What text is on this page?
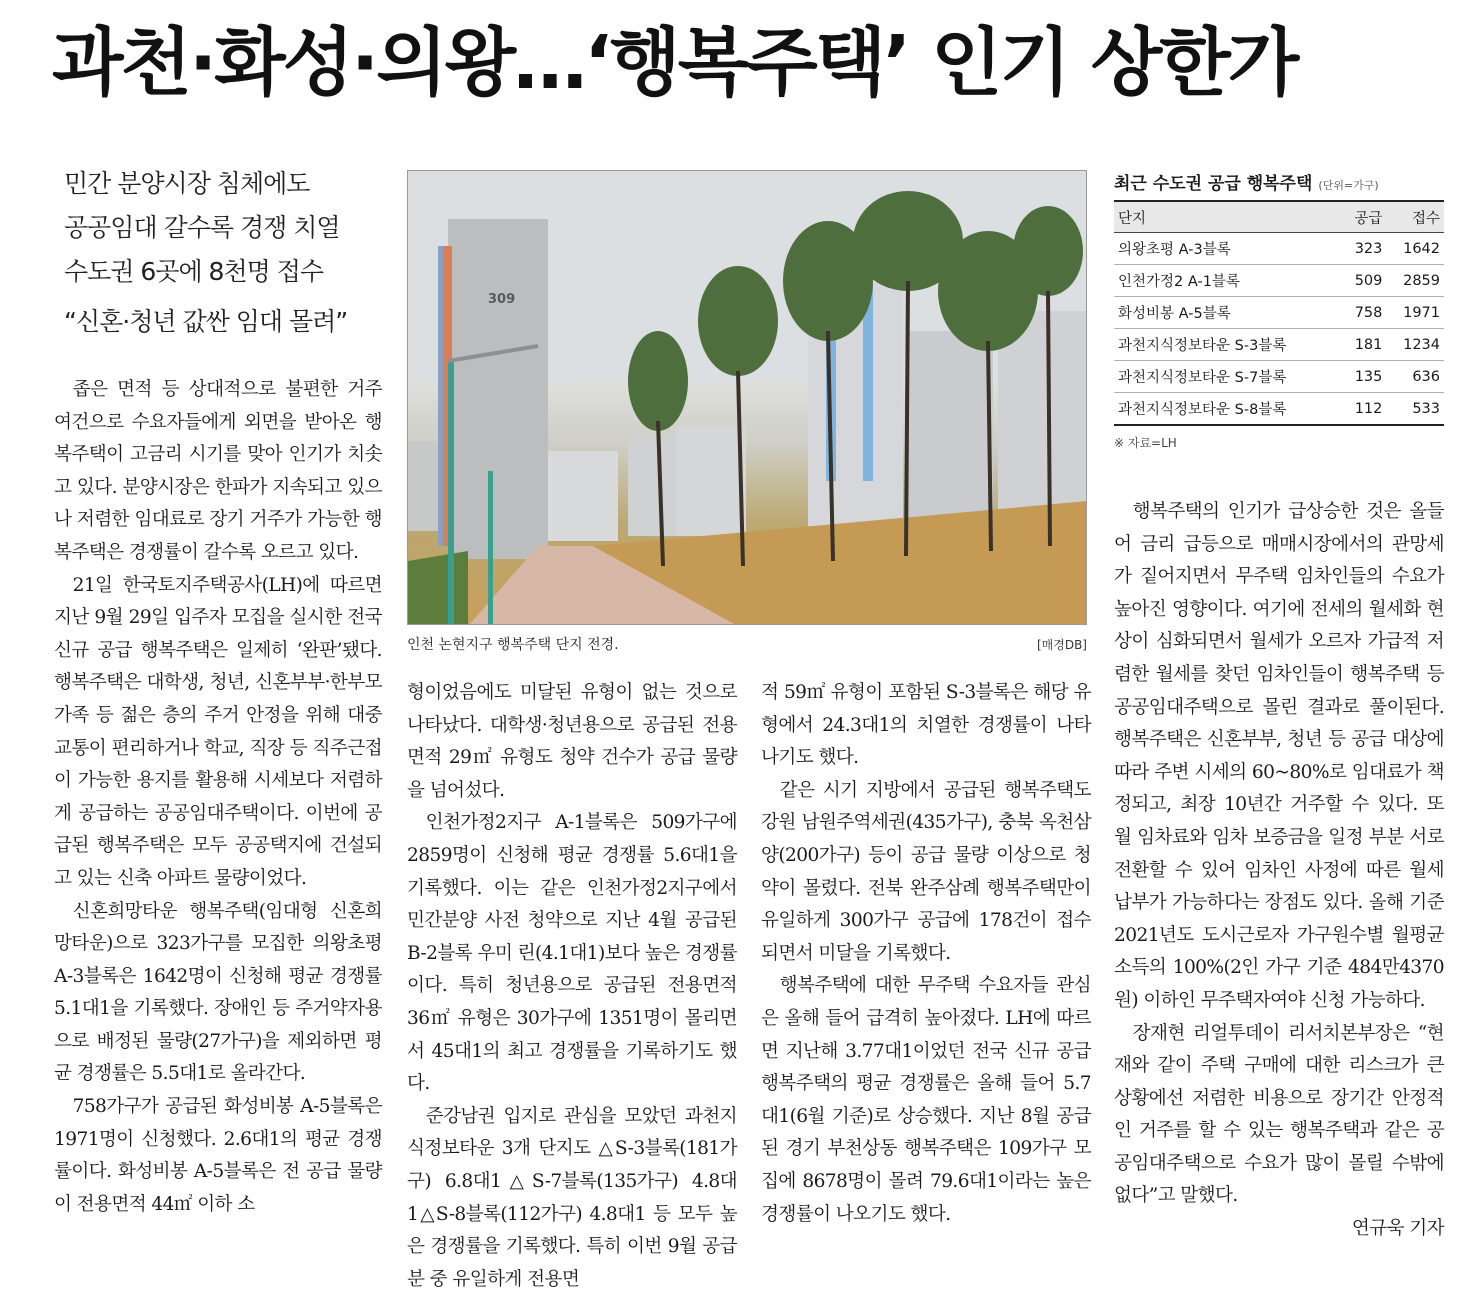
과천·화성·의왕…‘행복주택’ 인기 상한가
민간 분양시장 침체에도
공공임대 갈수록 경쟁 치열
수도권 6곳에 8천명 접수
“신혼·청년 값싼 임대 몰려”
309
인천 논현지구 행복주택 단지 전경.	[매경DB]
최근 수도권 공급 행복주택 (단위=가구)
단지	공급	접수
의왕초평 A-3블록	323	1642
인천가정2 A-1블록	509	2859
화성비봉 A-5블록	758	1971
과천지식정보타운 S-3블록	181	1234
과천지식정보타운 S-7블록	135	636
과천지식정보타운 S-8블록	112	533
※ 자료=LH

좁은 면적 등 상대적으로 불편한 거주 여건으로 수요자들에게 외면을 받아온 행복주택이 고금리 시기를 맞아 인기가 치솟고 있다. 분양시장은 한파가 지속되고 있으나 저렴한 임대료로 장기 거주가 가능한 행복주택은 경쟁률이 갈수록 오르고 있다.

21일 한국토지주택공사(LH)에 따르면 지난 9월 29일 입주자 모집을 실시한 전국 신규 공급 행복주택은 일제히 ‘완판’됐다. 행복주택은 대학생, 청년, 신혼부부·한부모가족 등 젊은 층의 주거 안정을 위해 대중교통이 편리하거나 학교, 직장 등 직주근접이 가능한 용지를 활용해 시세보다 저렴하게 공급하는 공공임대주택이다. 이번에 공급된 행복주택은 모두 공공택지에 건설되고 있는 신축 아파트 물량이었다.

신혼희망타운 행복주택(임대형 신혼희망타운)으로 323가구를 모집한 의왕초평 A-3블록은 1642명이 신청해 평균 경쟁률 5.1대1을 기록했다. 장애인 등 주거약자용으로 배정된 물량(27가구)을 제외하면 평균 경쟁률은 5.5대1로 올라간다.

758가구가 공급된 화성비봉 A-5블록은 1971명이 신청했다. 2.6대1의 평균 경쟁률이다. 화성비봉 A-5블록은 전 공급 물량이 전용면적 44㎡ 이하 소

형이었음에도 미달된 유형이 없는 것으로 나타났다. 대학생·청년용으로 공급된 전용면적 29㎡ 유형도 청약 건수가 공급 물량을 넘어섰다.

인천가정2지구 A-1블록은 509가구에 2859명이 신청해 평균 경쟁률 5.6대1을 기록했다. 이는 같은 인천가정2지구에서 민간분양 사전 청약으로 지난 4월 공급된 B-2블록 우미 린(4.1대1)보다 높은 경쟁률이다. 특히 청년용으로 공급된 전용면적 36㎡ 유형은 30가구에 1351명이 몰리면서 45대1의 최고 경쟁률을 기록하기도 했다.

준강남권 입지로 관심을 모았던 과천지식정보타운 3개 단지도 △S-3블록(181가구) 6.8대1△S-7블록(135가구) 4.8대1△S-8블록(112가구) 4.8대1 등 모두 높은 경쟁률을 기록했다. 특히 이번 9월 공급분 중 유일하게 전용면

적 59㎡ 유형이 포함된 S-3블록은 해당 유형에서 24.3대1의 치열한 경쟁률이 나타나기도 했다.

같은 시기 지방에서 공급된 행복주택도 강원 남원주역세권(435가구), 충북 옥천삼양(200가구) 등이 공급 물량 이상으로 청약이 몰렸다. 전북 완주삼례 행복주택만이 유일하게 300가구 공급에 178건이 접수되면서 미달을 기록했다.

행복주택에 대한 무주택 수요자들 관심은 올해 들어 급격히 높아졌다. LH에 따르면 지난해 3.77대1이었던 전국 신규 공급 행복주택의 평균 경쟁률은 올해 들어 5.7대1(6월 기준)로 상승했다. 지난 8월 공급된 경기 부천상동 행복주택은 109가구 모집에 8678명이 몰려 79.6대1이라는 높은 경쟁률이 나오기도 했다.

행복주택의 인기가 급상승한 것은 올들어 금리 급등으로 매매시장에서의 관망세가 짙어지면서 무주택 임차인들의 수요가 높아진 영향이다. 여기에 전세의 월세화 현상이 심화되면서 월세가 오르자 가급적 저렴한 월세를 찾던 임차인들이 행복주택 등 공공임대주택으로 몰린 결과로 풀이된다. 행복주택은 신혼부부, 청년 등 공급 대상에 따라 주변 시세의 60~80%로 임대료가 책정되고, 최장 10년간 거주할 수 있다. 또 월 임차료와 임차 보증금을 일정 부분 서로 전환할 수 있어 임차인 사정에 따른 월세 납부가 가능하다는 장점도 있다. 올해 기준 2021년도 도시근로자 가구원수별 월평균 소득의 100%(2인 가구 기준 484만4370원) 이하인 무주택자여야 신청 가능하다.

장재현 리얼투데이 리서치본부장은 “현재와 같이 주택 구매에 대한 리스크가 큰 상황에선 저렴한 비용으로 장기간 안정적인 거주를 할 수 있는 행복주택과 같은 공공임대주택으로 수요가 많이 몰릴 수밖에 없다”고 말했다.

연규욱 기자
